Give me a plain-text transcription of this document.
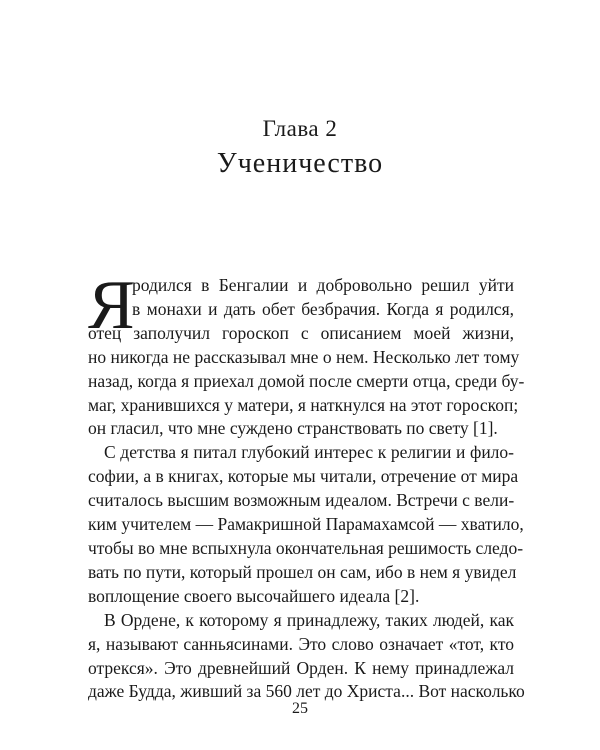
Глава 2
Ученичество
Я
родился в Бенгалии и добровольно решил уйти
в монахи и дать обет безбрачия. Когда я родился,
отец заполучил гороскоп с описанием моей жизни,
но никогда не рассказывал мне о нем. Несколько лет тому
назад, когда я приехал домой после смерти отца, среди бу-
маг, хранившихся у матери, я наткнулся на этот гороскоп;
он гласил, что мне суждено странствовать по свету [1].
С детства я питал глубокий интерес к религии и фило-
софии, а в книгах, которые мы читали, отречение от мира
считалось высшим возможным идеалом. Встречи с вели-
ким учителем — Рамакришной Парамахамсой — хватило,
чтобы во мне вспыхнула окончательная решимость следо-
вать по пути, который прошел он сам, ибо в нем я увидел
воплощение своего высочайшего идеала [2].
В Ордене, к которому я принадлежу, таких людей, как
я, называют санньясинами. Это слово означает «тот, кто
отрекся». Это древнейший Орден. К нему принадлежал
даже Будда, живший за 560 лет до Христа... Вот насколько
25
